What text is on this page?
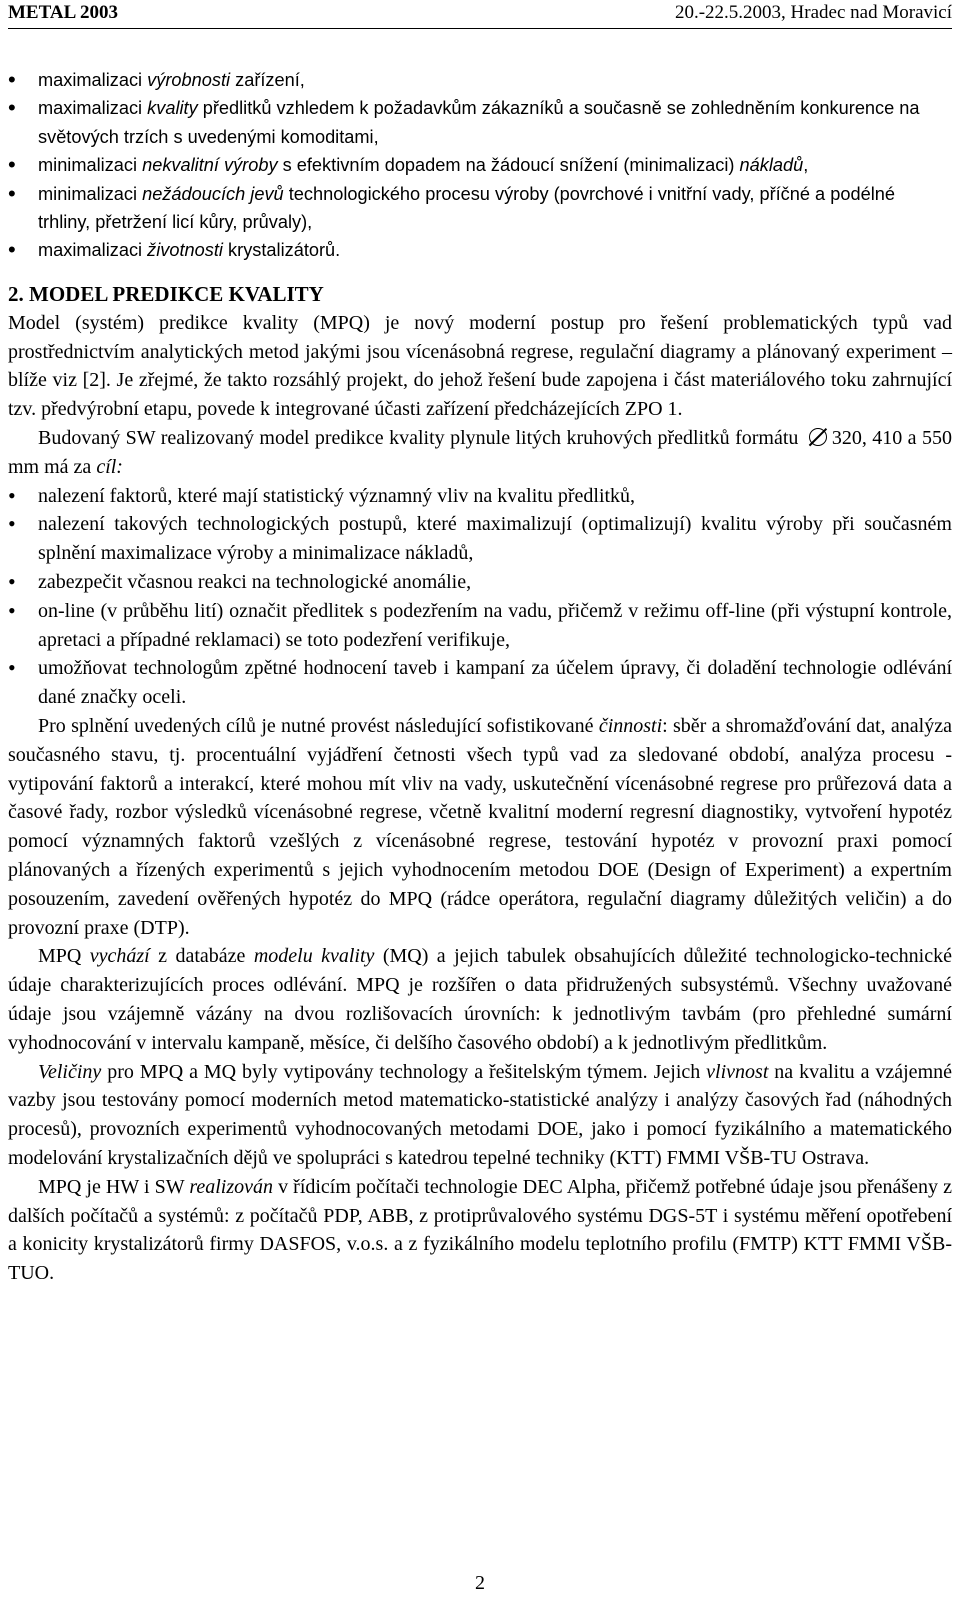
METAL 2003	20.-22.5.2003, Hradec nad Moravicí
• maximalizaci výrobnosti zařízení,
• maximalizaci kvality předlitků vzhledem k požadavkům zákazníků a současně se zohledněním konkurence na světových trzích s uvedenými komoditami,
• minimalizaci nekvalitní výroby s efektivním dopadem na žádoucí snížení (minimalizaci) nákladů,
• minimalizaci nežádoucích jevů technologického procesu výroby (povrchové i vnitřní vady, příčné a podélné trhliny, přetržení licí kůry, průvaly),
• maximalizaci životnosti krystalizátorů.
2. MODEL PREDIKCE KVALITY

Model (systém) predikce kvality (MPQ) je nový moderní postup pro řešení problematických typů vad prostřednictvím analytických metod jakými jsou vícenásobná regrese, regulační diagramy a plánovaný experiment – blíže viz [2]. Je zřejmé, že takto rozsáhlý projekt, do jehož řešení bude zapojena i část materiálového toku zahrnující tzv. předvýrobní etapu, povede k integrované účasti zařízení předcházejících ZPO 1.

Budovaný SW realizovaný model predikce kvality plynule litých kruhových předlitků formátu 320, 410 a 550 mm má za cíl:

• nalezení faktorů, které mají statistický významný vliv na kvalitu předlitků,
• nalezení takových technologických postupů, které maximalizují (optimalizují) kvalitu výroby při současném splnění maximalizace výroby a minimalizace nákladů,
• zabezpečit včasnou reakci na technologické anomálie,
• on-line (v průběhu lití) označit předlitek s podezřením na vadu, přičemž v režimu off-line (při výstupní kontrole, apretaci a případné reklamaci) se toto podezření verifikuje,
• umožňovat technologům zpětné hodnocení taveb i kampaní za účelem úpravy, či doladění technologie odlévání dané značky oceli.

Pro splnění uvedených cílů je nutné provést následující sofistikované činnosti: sběr a shromažďování dat, analýza současného stavu, tj. procentuální vyjádření četnosti všech typů vad za sledované období, analýza procesu - vytipování faktorů a interakcí, které mohou mít vliv na vady, uskutečnění vícenásobné regrese pro průřezová data a časové řady, rozbor výsledků vícenásobné regrese, včetně kvalitní moderní regresní diagnostiky, vytvoření hypotéz pomocí významných faktorů vzešlých z vícenásobné regrese, testování hypotéz v provozní praxi pomocí plánovaných a řízených experimentů s jejich vyhodnocením metodou DOE (Design of Experiment) a expertním posouzením, zavedení ověřených hypotéz do MPQ (rádce operátora, regulační diagramy důležitých veličin) a do provozní praxe (DTP).

MPQ vychází z databáze modelu kvality (MQ) a jejich tabulek obsahujících důležité technologicko-technické údaje charakterizujících proces odlévání. MPQ je rozšířen o data přidružených subsystémů. Všechny uvažované údaje jsou vzájemně vázány na dvou rozlišovacích úrovních: k jednotlivým tavbám (pro přehledné sumární vyhodnocování v intervalu kampaně, měsíce, či delšího časového období) a k jednotlivým předlitkům.

Veličiny pro MPQ a MQ byly vytipovány technology a řešitelským týmem. Jejich vlivnost na kvalitu a vzájemné vazby jsou testovány pomocí moderních metod matematicko-statistické analýzy i analýzy časových řad (náhodných procesů), provozních experimentů vyhodnocovaných metodami DOE, jako i pomocí fyzikálního a matematického modelování krystalizačních dějů ve spolupráci s katedrou tepelné techniky (KTT) FMMI VŠB-TU Ostrava.

MPQ je HW i SW realizován v řídicím počítači technologie DEC Alpha, přičemž potřebné údaje jsou přenášeny z dalších počítačů a systémů: z počítačů PDP, ABB, z protiprůvalového systému DGS-5T i systému měření opotřebení a konicity krystalizátorů firmy DASFOS, v.o.s. a z fyzikálního modelu teplotního profilu (FMTP) KTT FMMI VŠB-TUO.

2
